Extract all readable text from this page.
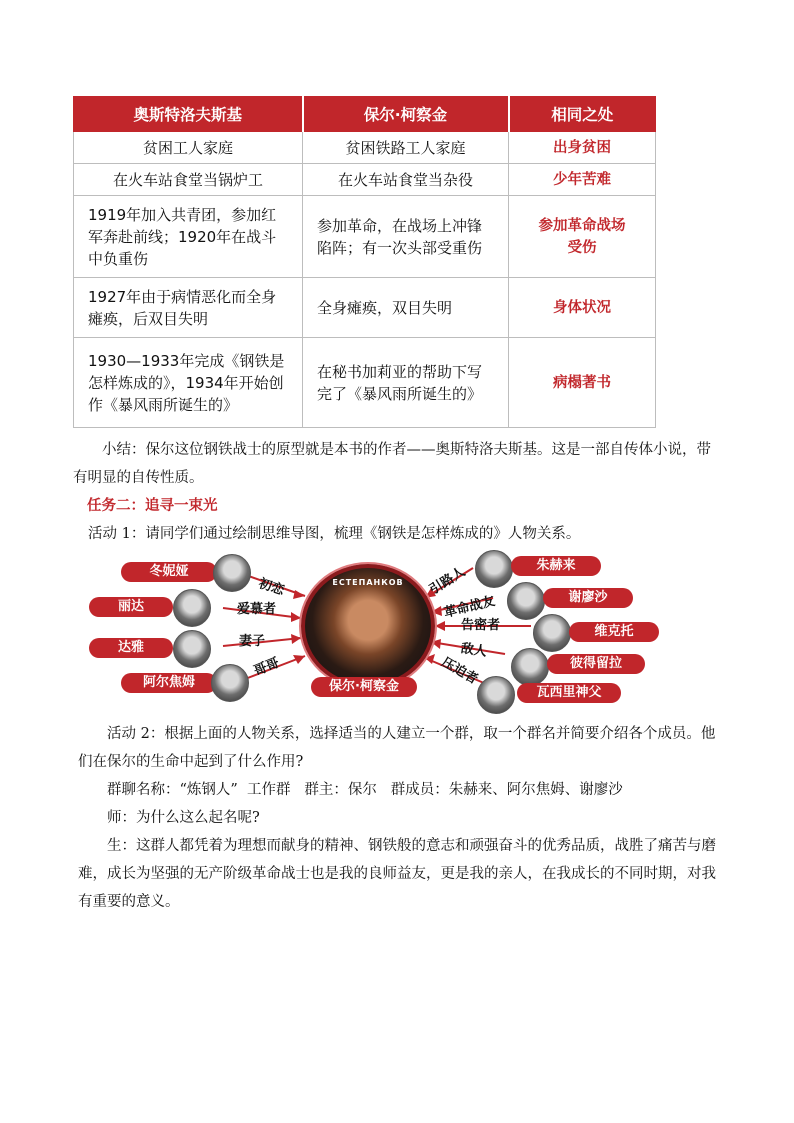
奥斯特洛夫斯基	保尔·柯察金	相同之处
贫困工人家庭	贫困铁路工人家庭	出身贫困
在火车站食堂当锅炉工	在火车站食堂当杂役	少年苦难
1919年加入共青团，参加红军奔赴前线；1920年在战斗中负重伤	参加革命，在战场上冲锋陷阵；有一次头部受重伤	参加革命战场受伤
1927年由于病情恶化而全身瘫痪，后双目失明	全身瘫痪，双目失明	身体状况
1930—1933年完成《钢铁是怎样炼成的》，1934年开始创作《暴风雨所诞生的》	在秘书加莉亚的帮助下写完了《暴风雨所诞生的》	病榻著书

小结：保尔这位钢铁战士的原型就是本书的作者——奥斯特洛夫斯基。这是一部自传体小说，带有明显的自传性质。

任务二：追寻一束光

活动 1：请同学们通过绘制思维导图，梳理《钢铁是怎样炼成的》人物关系。

ЕСТЕПАНКОВ
保尔·柯察金
冬妮娅
初恋
丽达	爱慕者
达雅	妻子
阿尔焦姆
哥哥
引路人	朱赫来
革命战友	谢廖沙
告密者	维克托
敌人
彼得留拉
压迫者
瓦西里神父

活动 2：根据上面的人物关系，选择适当的人建立一个群，取一个群名并简要介绍各个成员。他们在保尔的生命中起到了什么作用?

群聊名称：“炼钢人”  工作群   群主：保尔   群成员：朱赫来、阿尔焦姆、谢廖沙

师：为什么这么起名呢?

生：这群人都凭着为理想而献身的精神、钢铁般的意志和顽强奋斗的优秀品质，战胜了痛苦与磨难，成长为坚强的无产阶级革命战士也是我的良师益友，更是我的亲人，在我成长的不同时期，对我有重要的意义。
